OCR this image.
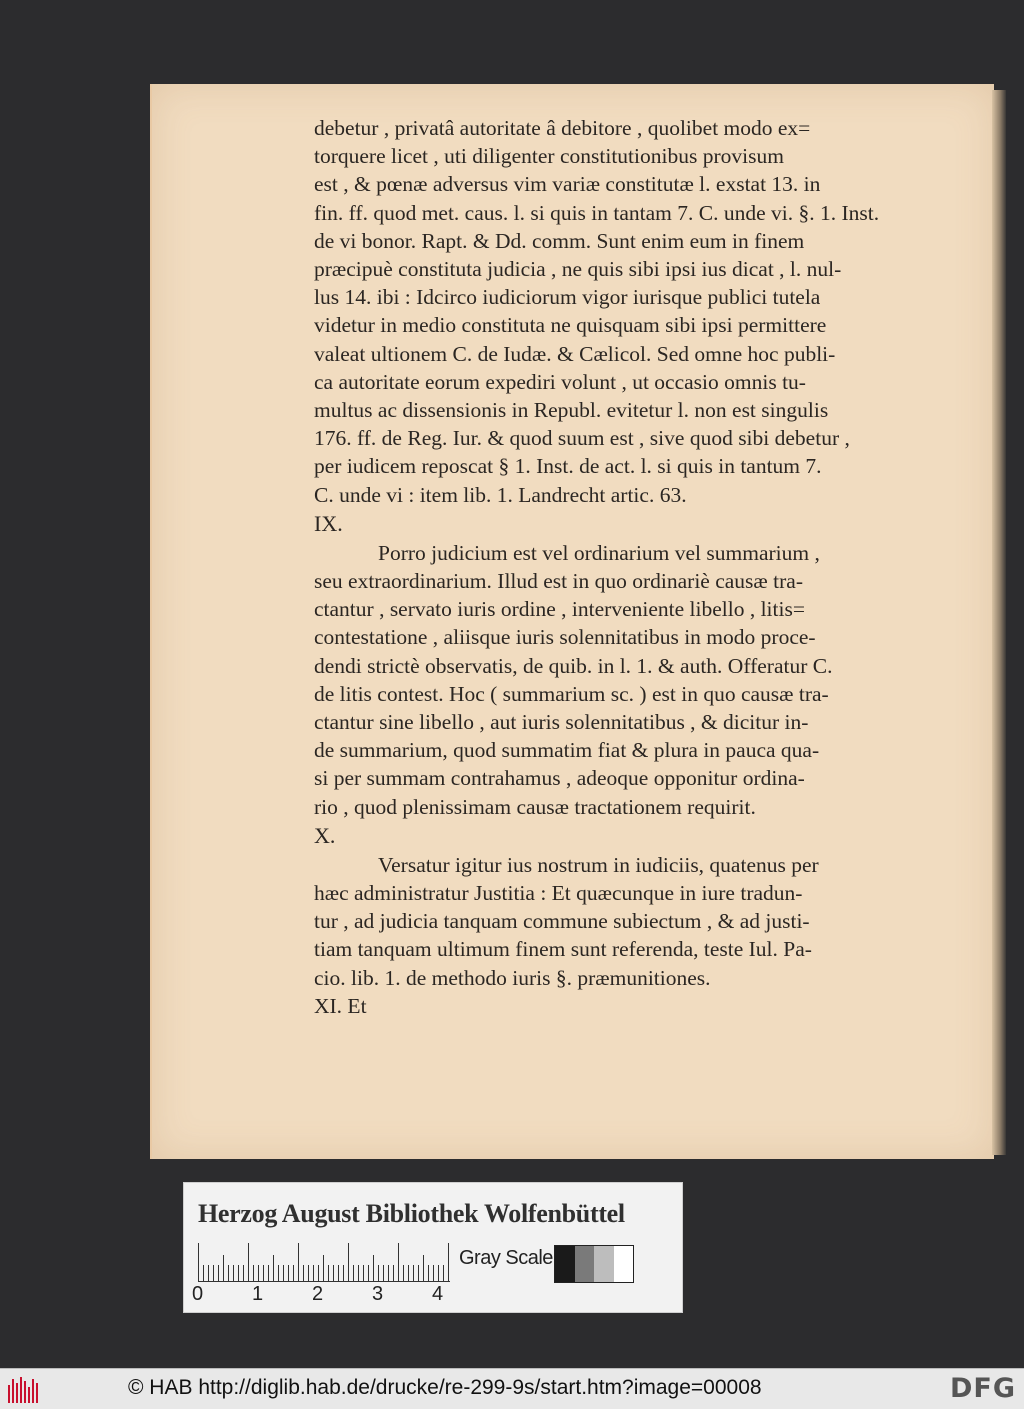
debetur , privatâ autoritate â debitore , quolibet modo ex=

torquere licet , uti diligenter constitutionibus provisum

est , & pœnæ adversus vim variæ constitutæ l. exstat 13. in

fin. ff. quod met. caus. l. si quis in tantam 7. C. unde vi. §. 1. Inst.

de vi bonor. Rapt. & Dd. comm. Sunt enim eum in finem

præcipuè constituta judicia , ne quis sibi ipsi ius dicat , l. nul-

lus 14. ibi : Idcirco iudiciorum vigor iurisque publici tutela

videtur in medio constituta ne quisquam sibi ipsi permittere

valeat ultionem C. de Iudæ. & Cælicol. Sed omne hoc publi-

ca autoritate eorum expediri volunt , ut occasio omnis tu-

multus ac dissensionis in Republ. evitetur l. non est singulis

176. ff. de Reg. Iur. & quod suum est , sive quod sibi debetur ,

per iudicem reposcat § 1. Inst. de act. l. si quis in tantum 7.

C. unde vi : item lib. 1. Landrecht artic. 63.

IX.

Porro judicium est vel ordinarium vel summarium ,

seu extraordinarium. Illud est in quo ordinariè causæ tra-

ctantur , servato iuris ordine , interveniente libello , litis=

contestatione , aliisque iuris solennitatibus in modo proce-

dendi strictè observatis, de quib. in l. 1. & auth. Offeratur C.

de litis contest. Hoc ( summarium sc. ) est in quo causæ tra-

ctantur sine libello , aut iuris solennitatibus , & dicitur in-

de summarium, quod summatim fiat & plura in pauca qua-

si per summam contrahamus , adeoque opponitur ordina-

rio , quod plenissimam causæ tractationem requirit.

X.

Versatur igitur ius nostrum in iudiciis, quatenus per

hæc administratur Justitia : Et quæcunque in iure tradun-

tur , ad judicia tanquam commune subiectum , & ad justi-

tiam tanquam ultimum finem sunt referenda, teste Iul. Pa-

cio. lib. 1. de methodo iuris §. præmunitiones.

XI. Et

Herzog August Bibliothek Wolfenbüttel
0 1 2 3 4
Gray Scale
© HAB http://diglib.hab.de/drucke/re-299-9s/start.htm?image=00008	DFG
